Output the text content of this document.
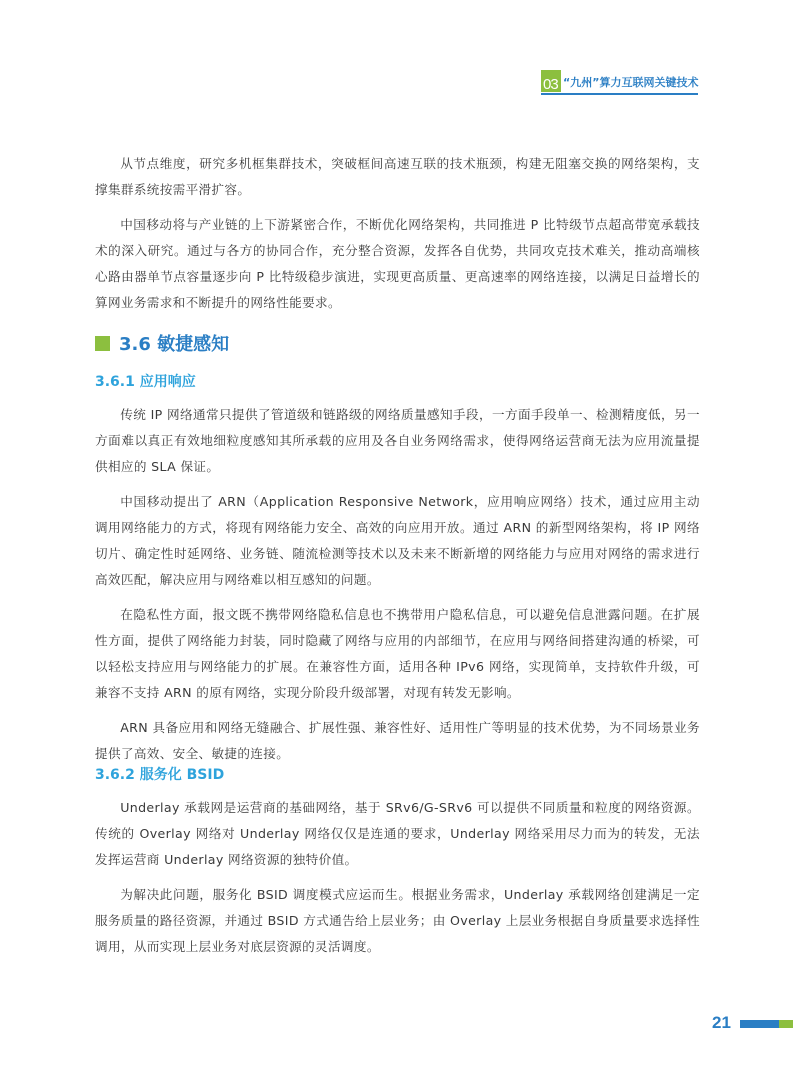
03 “九州”算力互联网关键技术

从节点维度，研究多机框集群技术，突破框间高速互联的技术瓶颈，构建无阻塞交换的网络架构，支撑集群系统按需平滑扩容。

中国移动将与产业链的上下游紧密合作，不断优化网络架构，共同推进 P 比特级节点超高带宽承载技术的深入研究。通过与各方的协同合作，充分整合资源，发挥各自优势，共同攻克技术难关，推动高端核心路由器单节点容量逐步向 P 比特级稳步演进，实现更高质量、更高速率的网络连接，以满足日益增长的算网业务需求和不断提升的网络性能要求。

3.6 敏捷感知
3.6.1 应用响应

传统 IP 网络通常只提供了管道级和链路级的网络质量感知手段，一方面手段单一、检测精度低，另一方面难以真正有效地细粒度感知其所承载的应用及各自业务网络需求，使得网络运营商无法为应用流量提供相应的 SLA 保证。

中国移动提出了 ARN（Application Responsive Network，应用响应网络）技术，通过应用主动调用网络能力的方式，将现有网络能力安全、高效的向应用开放。通过 ARN 的新型网络架构，将 IP 网络切片、确定性时延网络、业务链、随流检测等技术以及未来不断新增的网络能力与应用对网络的需求进行高效匹配，解决应用与网络难以相互感知的问题。

在隐私性方面，报文既不携带网络隐私信息也不携带用户隐私信息，可以避免信息泄露问题。在扩展性方面，提供了网络能力封装，同时隐藏了网络与应用的内部细节，在应用与网络间搭建沟通的桥梁，可以轻松支持应用与网络能力的扩展。在兼容性方面，适用各种 IPv6 网络，实现简单，支持软件升级，可兼容不支持 ARN 的原有网络，实现分阶段升级部署，对现有转发无影响。

ARN 具备应用和网络无缝融合、扩展性强、兼容性好、适用性广等明显的技术优势，为不同场景业务提供了高效、安全、敏捷的连接。

3.6.2 服务化 BSID

Underlay 承载网是运营商的基础网络，基于 SRv6/G-SRv6 可以提供不同质量和粒度的网络资源。传统的 Overlay 网络对 Underlay 网络仅仅是连通的要求，Underlay 网络采用尽力而为的转发，无法发挥运营商 Underlay 网络资源的独特价值。

为解决此问题，服务化 BSID 调度模式应运而生。根据业务需求，Underlay 承载网络创建满足一定服务质量的路径资源，并通过 BSID 方式通告给上层业务；由 Overlay 上层业务根据自身质量要求选择性调用，从而实现上层业务对底层资源的灵活调度。

21
